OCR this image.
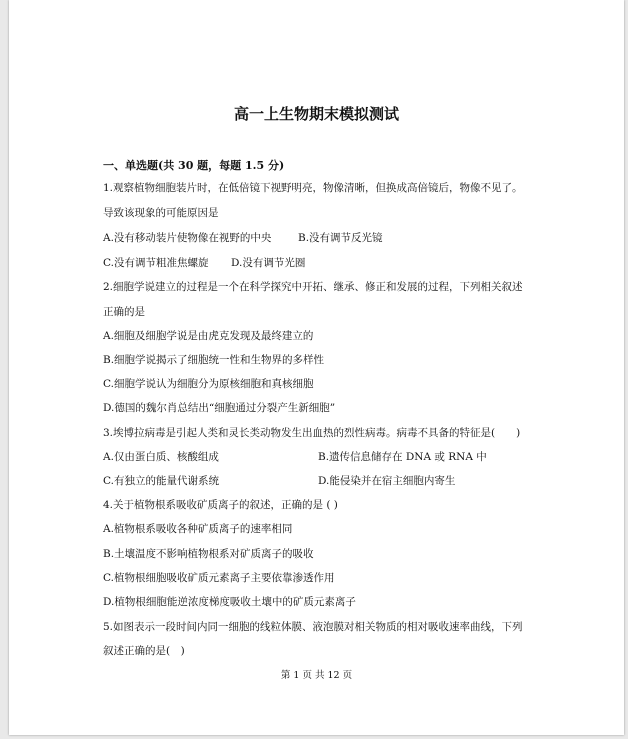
高一上生物期末模拟测试
一、单选题(共 30 题，每题 1.5 分)
1.观察植物细胞装片时，在低倍镜下视野明亮，物像清晰，但换成高倍镜后，物像不见了。
导致该现象的可能原因是
A.没有移动装片使物像在视野的中央	B.没有调节反光镜
C.没有调节粗准焦螺旋 D.没有调节光圈
2.细胞学说建立的过程是一个在科学探究中开拓、继承、修正和发展的过程，下列相关叙述
正确的是
A.细胞及细胞学说是由虎克发现及最终建立的
B.细胞学说揭示了细胞统一性和生物界的多样性
C.细胞学说认为细胞分为原核细胞和真核细胞
D.德国的魏尔肖总结出“细胞通过分裂产生新细胞”
3.埃博拉病毒是引起人类和灵长类动物发生出血热的烈性病毒。病毒不具备的特征是(　　)
A.仅由蛋白质、核酸组成	B.遗传信息储存在 DNA 或 RNA 中
C.有独立的能量代谢系统	D.能侵染并在宿主细胞内寄生
4.关于植物根系吸收矿质离子的叙述，正确的是 ( )
A.植物根系吸收各种矿质离子的速率相同
B.土壤温度不影响植物根系对矿质离子的吸收
C.植物根细胞吸收矿质元素离子主要依靠渗透作用
D.植物根细胞能逆浓度梯度吸收土壤中的矿质元素离子
5.如图表示一段时间内同一细胞的线粒体膜、液泡膜对相关物质的相对吸收速率曲线，下列
叙述正确的是(　)
第 1 页 共 12 页
